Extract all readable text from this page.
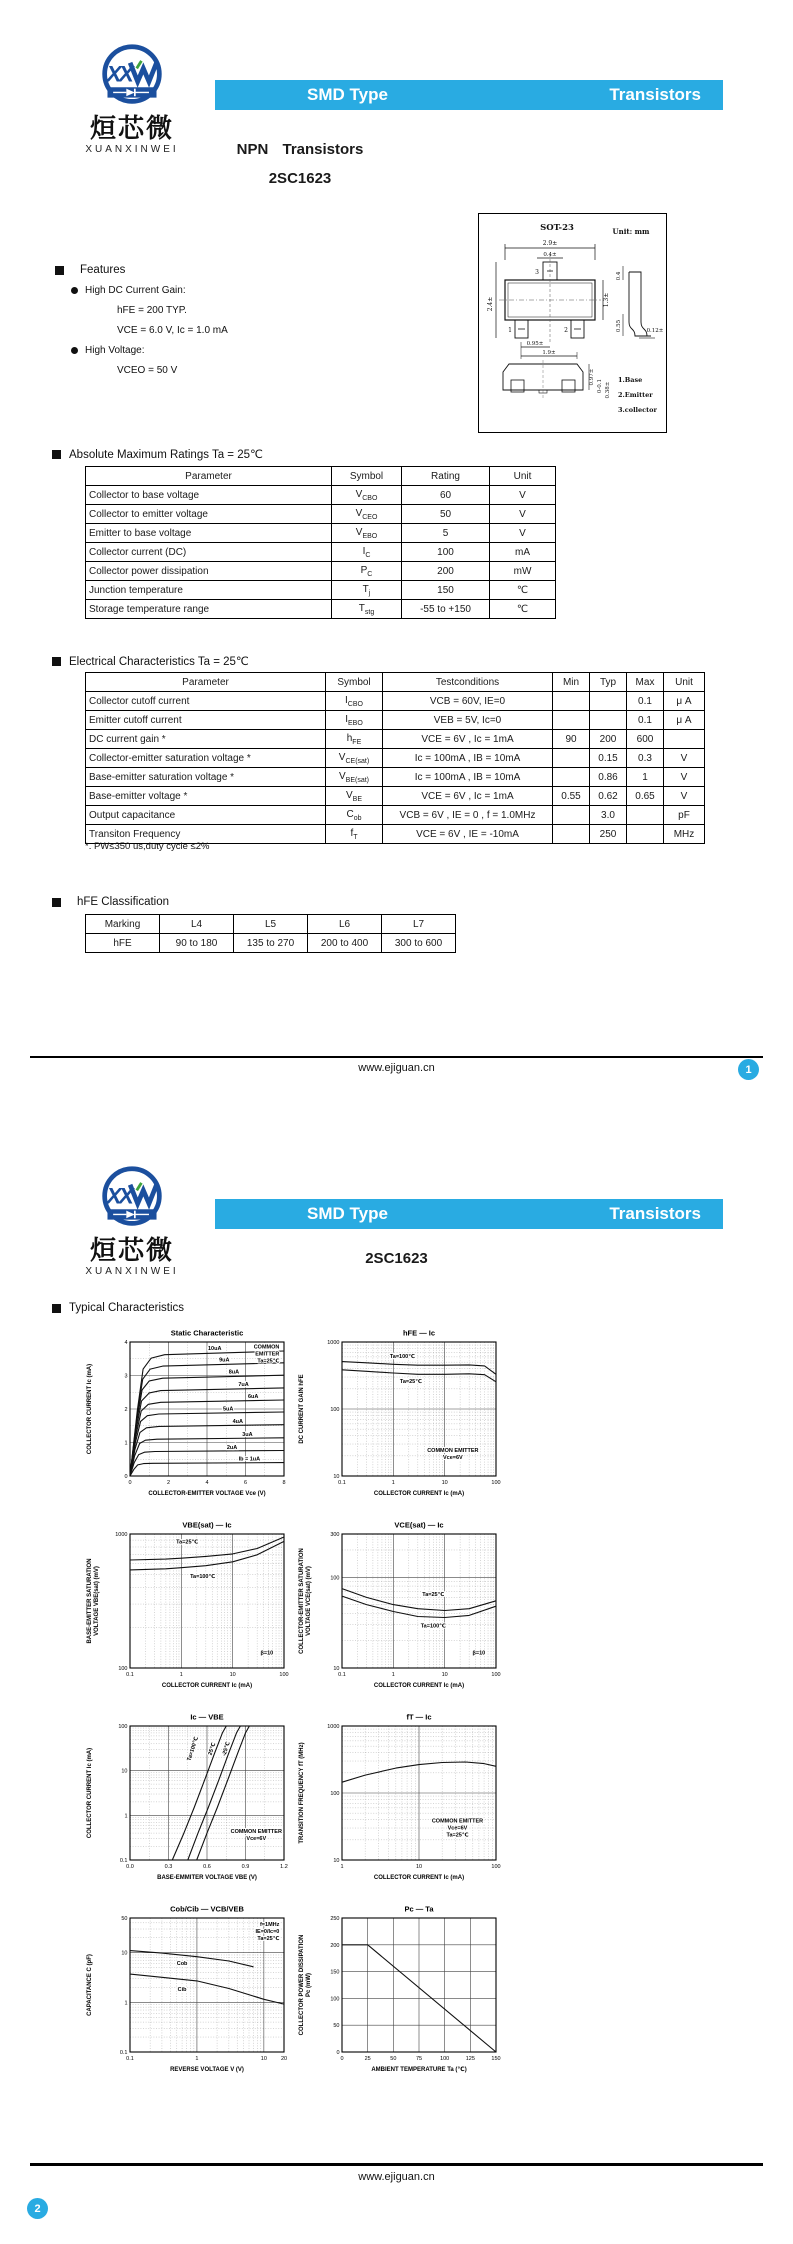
XX
烜芯微
XUANXINWEI
SMD Type	Transistors
NPN Transistors
2SC1623
Features
High DC Current Gain:
hFE = 200 TYP.
VCE = 6.0 V, Ic = 1.0 mA
High Voltage:
VCEO = 50 V
SOT-23	Unit: mm
2.9±
0.4±
3
1	2
2.4±	1.3±
0.95±
1.9±
0.4
0.55	0.12±
0.97±
0-0.1 0.38±
1.Base
2.Emitter
3.collector
Absolute Maximum Ratings Ta = 25℃
Parameter	Symbol	Rating	Unit
Collector to base voltage	$V_{CBO}$	60	V
Collector to emitter voltage	$V_{CEO}$	50	V
Emitter to base voltage	$V_{EBO}$	5	V
Collector current (DC)	$I_C$	100	mA
Collector power dissipation	$P_C$	200	mW
Junction temperature	$T_j$	150	℃
Storage temperature range	$T_{stg}$	-55 to +150	℃
Electrical Characteristics Ta = 25℃
Parameter	Symbol	Testconditions	Min	Typ	Max	Unit
Collector cutoff current	$I_{CBO}$	VCB = 60V, IE=0			0.1	μ A
Emitter cutoff current	$I_{EBO}$	VEB = 5V, Ic=0			0.1	μ A
DC current gain *	$h_{FE}$	VCE = 6V , Ic = 1mA	90	200	600	
Collector-emitter saturation voltage *	$V_{CE(sat)}$	Ic = 100mA , IB = 10mA		0.15	0.3	V
Base-emitter saturation voltage *	$V_{BE(sat)}$	Ic = 100mA , IB = 10mA		0.86	1	V
Base-emitter voltage *	$V_{BE}$	VCE = 6V , Ic = 1mA	0.55	0.62	0.65	V
Output capacitance	$C_{ob}$	VCB = 6V , IE = 0 , f = 1.0MHz		3.0		pF
Transiton Frequency	$f_T$	VCE = 6V , IE = -10mA		250		MHz
*. PW≤350 us,duty cycle ≤2%
hFE Classification
Marking	L4	L5	L6	L7
hFE	90 to 180	135 to 270	200 to 400	300 to 600
www.ejiguan.cn	1
XX
烜芯微
XUANXINWEI
SMD Type	Transistors
2SC1623
Typical Characteristics
10uA
9uA
8uA
7uA
6uA
5uA
4uA
3uA
2uA
Ib = 1uA
0	2	4	6	8
0
1
2
3
4
Static Characteristic
COLLECTOR-EMITTER VOLTAGE Vce (V)
COLLECTOR CURRENT Ic (mA)
COMMON
EMITTER
Ta=25℃
Ta=100℃
Ta=25℃
0.1	1	10	100
10
100
1000
hFE — Ic
COLLECTOR CURRENT Ic (mA)
DC CURRENT GAIN hFE
COMMON EMITTER
Vce=6V
Ta=25℃
Ta=100℃
0.1	1	10	100
100
1000
VBE(sat) — Ic
COLLECTOR CURRENT Ic (mA)
BASE-EMITTER SATURATION VOLTAGE VBE(sat) (mV)
β=10
Ta=25℃
Ta=100℃
0.1	1	10	100
10
100
300
VCE(sat) — Ic
COLLECTOR CURRENT Ic (mA)
COLLECTOR-EMITTER SATURATION VOLTAGE VCE(sat) (mV)
β=10
Ta=100℃ 25℃ -25℃
0.0	0.3	0.6	0.9	1.2
0.1
1
10
100
Ic — VBE
BASE-EMMITER VOLTAGE VBE (V)
COLLECTOR CURRENT Ic (mA)	COMMON EMITTER
Vce=6V
1	10	100
10
100
1000
fT — Ic
COLLECTOR CURRENT Ic (mA)
TRANSITION FREQUENCY fT (MHz)	COMMON EMITTER
Vce=6V
Ta=25℃
Cob
Cib
0.1	1	10	20
0.1
1
10
50
Cob/Cib — VCB/VEB
REVERSE VOLTAGE V (V)
CAPACITANCE C (pF)
f=1MHz
IE=0/Ic=0
Ta=25℃
0	25	50	75	100	125	150
0
50
100
150
200
250
Pc — Ta
AMBIENT TEMPERATURE Ta (℃)
COLLECTOR POWER DISSIPATION Pc (mW)
www.ejiguan.cn
2
